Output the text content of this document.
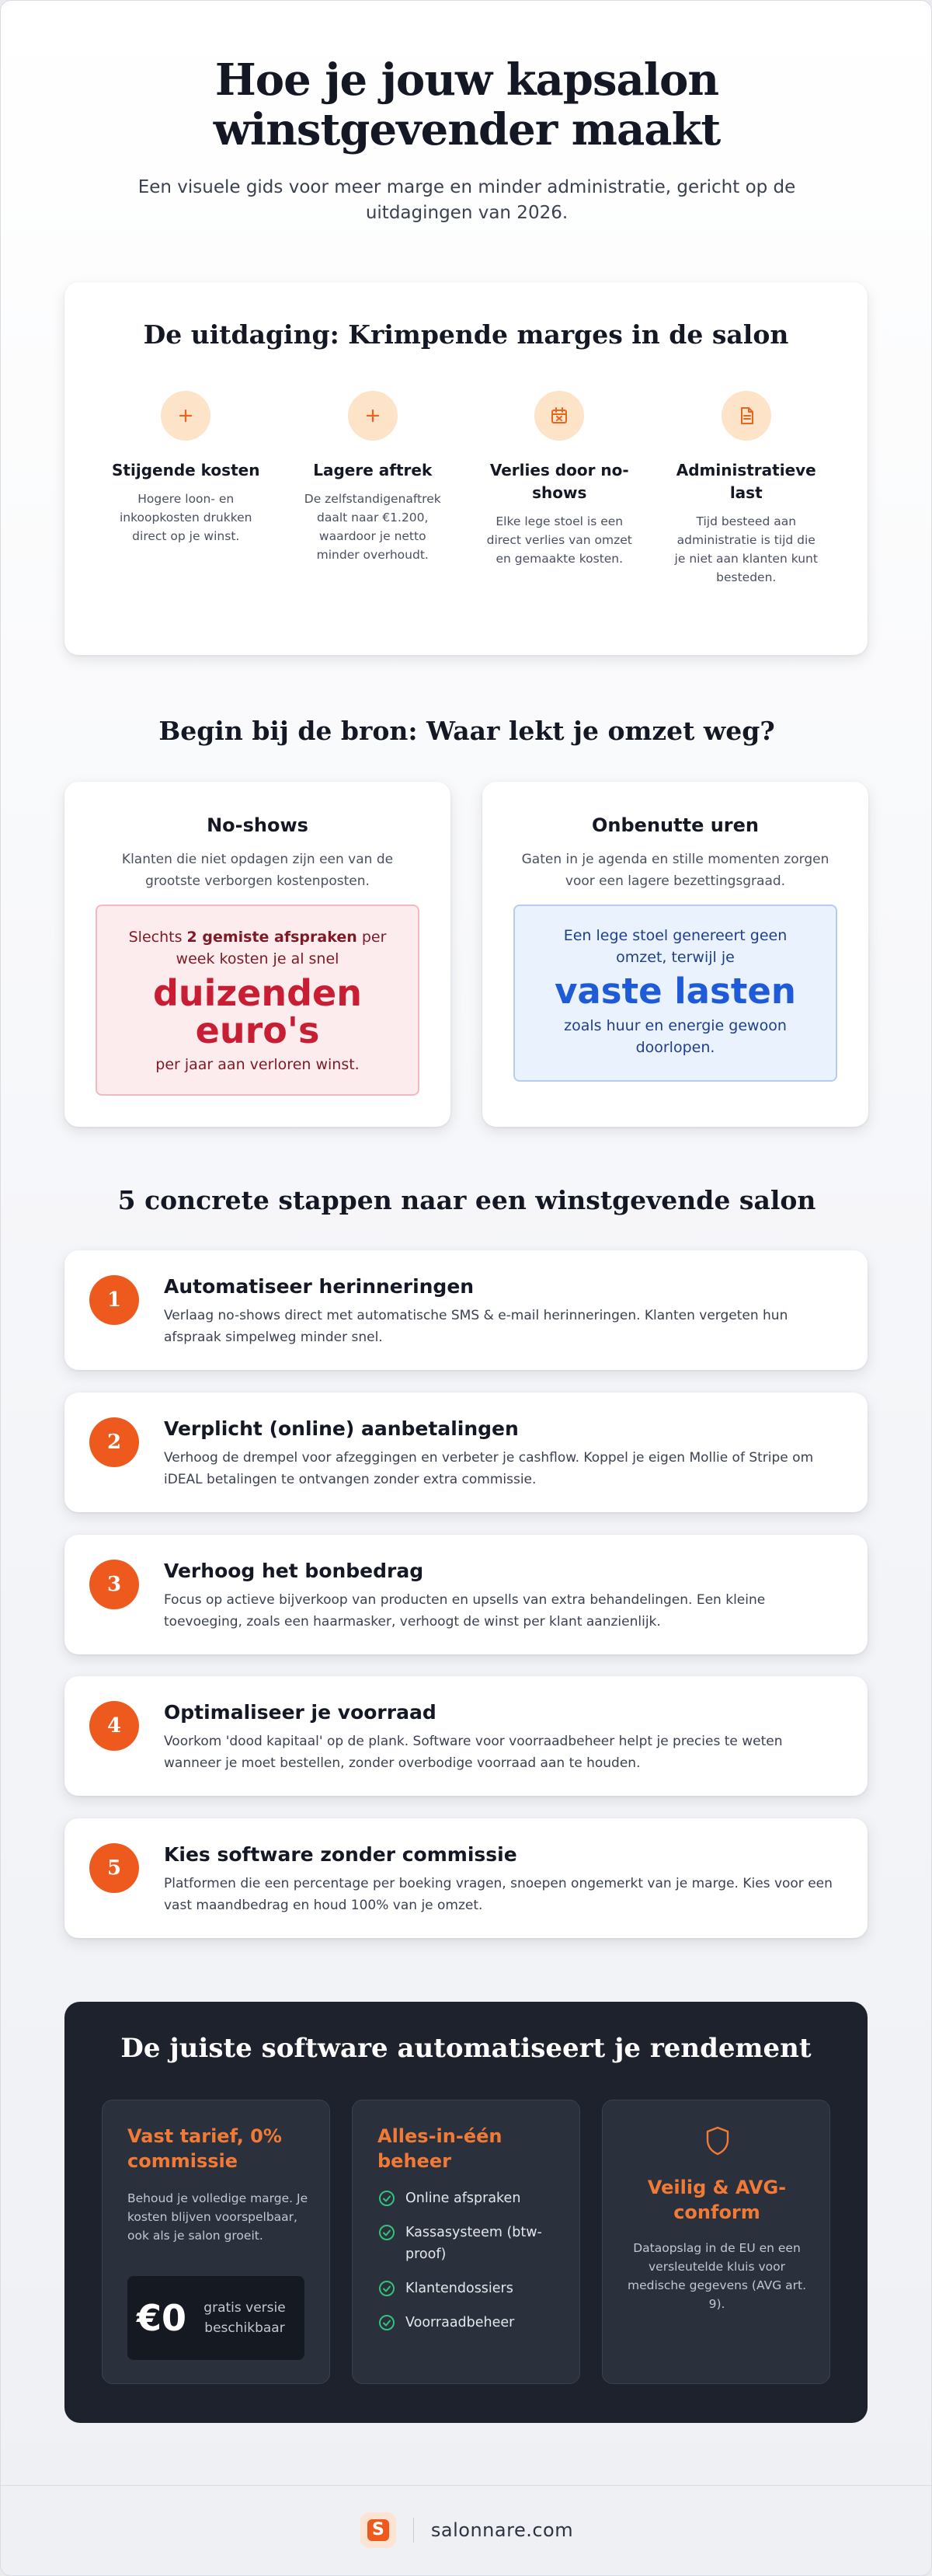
Hoe je jouw kapsalon winstgevender maakt

Een visuele gids voor meer marge en minder administratie, gericht op de uitdagingen van 2026.

De uitdaging: Krimpende marges in de salon
Stijgende kosten

Hogere loon- en inkoopkosten drukken direct op je winst.

Lagere aftrek

De zelfstandigenaftrek daalt naar €1.200, waardoor je netto minder overhoudt.

Verlies door no-shows

Elke lege stoel is een direct verlies van omzet en gemaakte kosten.

Administratieve last

Tijd besteed aan administratie is tijd die je niet aan klanten kunt besteden.

Begin bij de bron: Waar lekt je omzet weg?
No-shows

Klanten die niet opdagen zijn een van de grootste verborgen kostenposten.

Slechts 2 gemiste afspraken per week kosten je al snel

duizenden euro's

per jaar aan verloren winst.

Onbenutte uren

Gaten in je agenda en stille momenten zorgen voor een lagere bezettingsgraad.

Een lege stoel genereert geen omzet, terwijl je

vaste lasten

zoals huur en energie gewoon doorlopen.

5 concrete stappen naar een winstgevende salon
1
Automatiseer herinneringen

Verlaag no-shows direct met automatische SMS & e-mail herinneringen. Klanten vergeten hun afspraak simpelweg minder snel.

2
Verplicht (online) aanbetalingen

Verhoog de drempel voor afzeggingen en verbeter je cashflow. Koppel je eigen Mollie of Stripe om iDEAL betalingen te ontvangen zonder extra commissie.

3
Verhoog het bonbedrag

Focus op actieve bijverkoop van producten en upsells van extra behandelingen. Een kleine toevoeging, zoals een haarmasker, verhoogt de winst per klant aanzienlijk.

4
Optimaliseer je voorraad

Voorkom 'dood kapitaal' op de plank. Software voor voorraadbeheer helpt je precies te weten wanneer je moet bestellen, zonder overbodige voorraad aan te houden.

5
Kies software zonder commissie

Platformen die een percentage per boeking vragen, snoepen ongemerkt van je marge. Kies voor een vast maandbedrag en houd 100% van je omzet.

De juiste software automatiseert je rendement
Vast tarief, 0% commissie

Behoud je volledige marge. Je kosten blijven voorspelbaar, ook als je salon groeit.

€0	gratis versie beschikbaar
Alles-in-één beheer
Online afspraken
Kassasysteem (btw-proof)
Klantendossiers
Voorraadbeheer
Veilig & AVG-conform

Dataopslag in de EU en een versleutelde kluis voor medische gegevens (AVG art. 9).

S	salonnare.com
